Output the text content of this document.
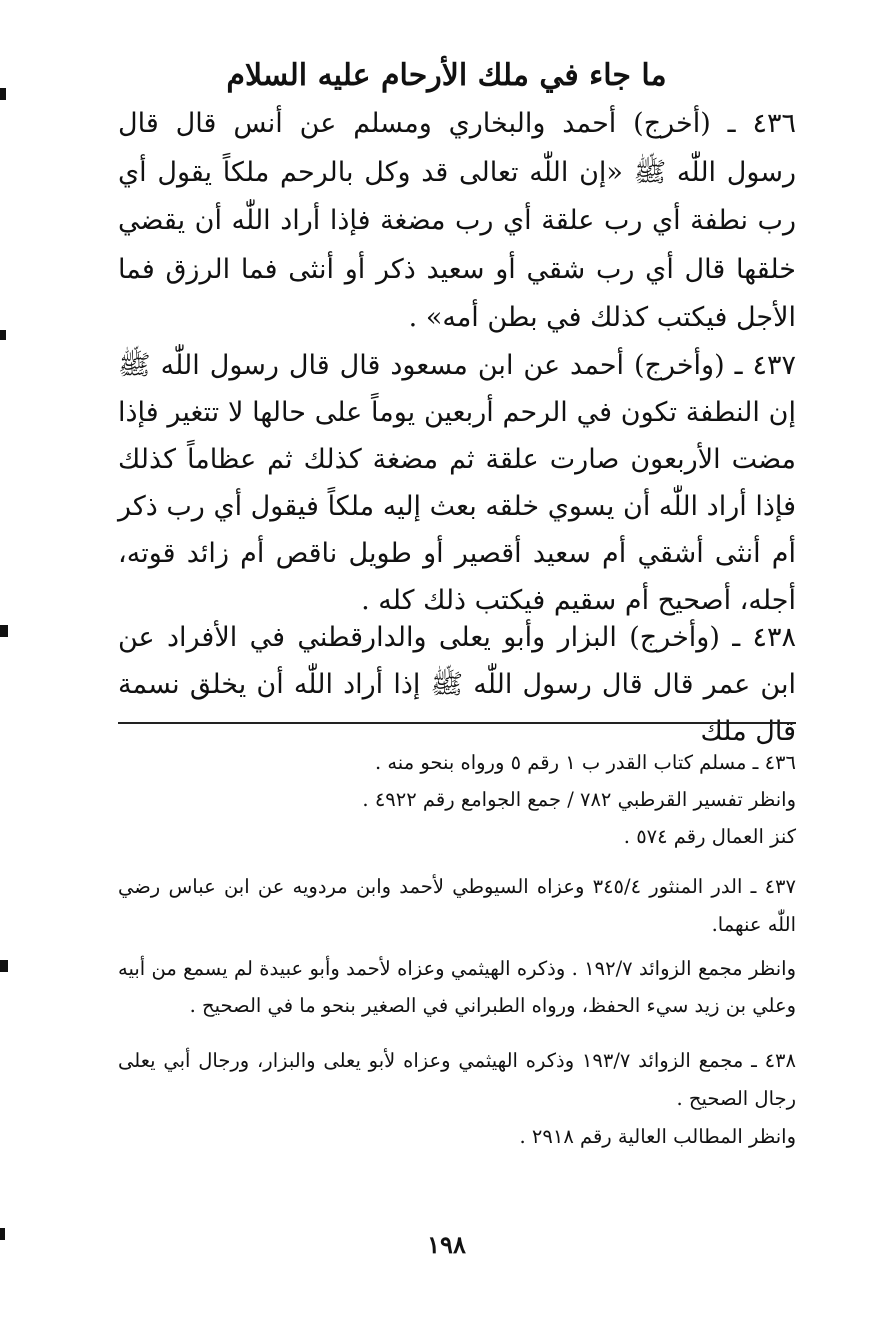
ما جاء في ملك الأرحام عليه السلام

٤٣٦ ـ (أخرج) أحمد والبخاري ومسلم عن أنس قال قال رسول اللّٰه ﷺ «إن اللّٰه تعالى قد وكل بالرحم ملكاً يقول أي رب نطفة أي رب علقة أي رب مضغة فإذا أراد اللّٰه أن يقضي خلقها قال أي رب شقي أو سعيد ذكر أو أنثى فما الرزق فما الأجل فيكتب كذلك في بطن أمه» .

٤٣٧ ـ (وأخرج) أحمد عن ابن مسعود قال قال رسول اللّٰه ﷺ إن النطفة تكون في الرحم أربعين يوماً على حالها لا تتغير فإذا مضت الأربعون صارت علقة ثم مضغة كذلك ثم عظاماً كذلك فإذا أراد اللّٰه أن يسوي خلقه بعث إليه ملكاً فيقول أي رب ذكر أم أنثى أشقي أم سعيد أقصير أو طويل ناقص أم زائد قوته، أجله، أصحيح أم سقيم فيكتب ذلك كله .

٤٣٨ ـ (وأخرج) البزار وأبو يعلى والدارقطني في الأفراد عن ابن عمر قال قال رسول اللّٰه ﷺ إذا أراد اللّٰه أن يخلق نسمة قال ملك

٤٣٦ ـ مسلم كتاب القدر ب ١ رقم ٥ ورواه بنحو منه .

وانظر تفسير القرطبي ٧٨٢ / جمع الجوامع رقم ٤٩٢٢ .

كنز العمال رقم ٥٧٤ .

٤٣٧ ـ الدر المنثور ٣٤٥/٤ وعزاه السيوطي لأحمد وابن مردويه عن ابن عباس رضي اللّٰه عنهما.

وانظر مجمع الزوائد ١٩٢/٧ . وذكره الهيثمي وعزاه لأحمد وأبو عبيدة لم يسمع من أبيه وعلي بن زيد سيء الحفظ، ورواه الطبراني في الصغير بنحو ما في الصحيح .

٤٣٨ ـ مجمع الزوائد ١٩٣/٧ وذكره الهيثمي وعزاه لأبو يعلى والبزار، ورجال أبي يعلى رجال الصحيح .

وانظر المطالب العالية رقم ٢٩١٨ .

١٩٨
